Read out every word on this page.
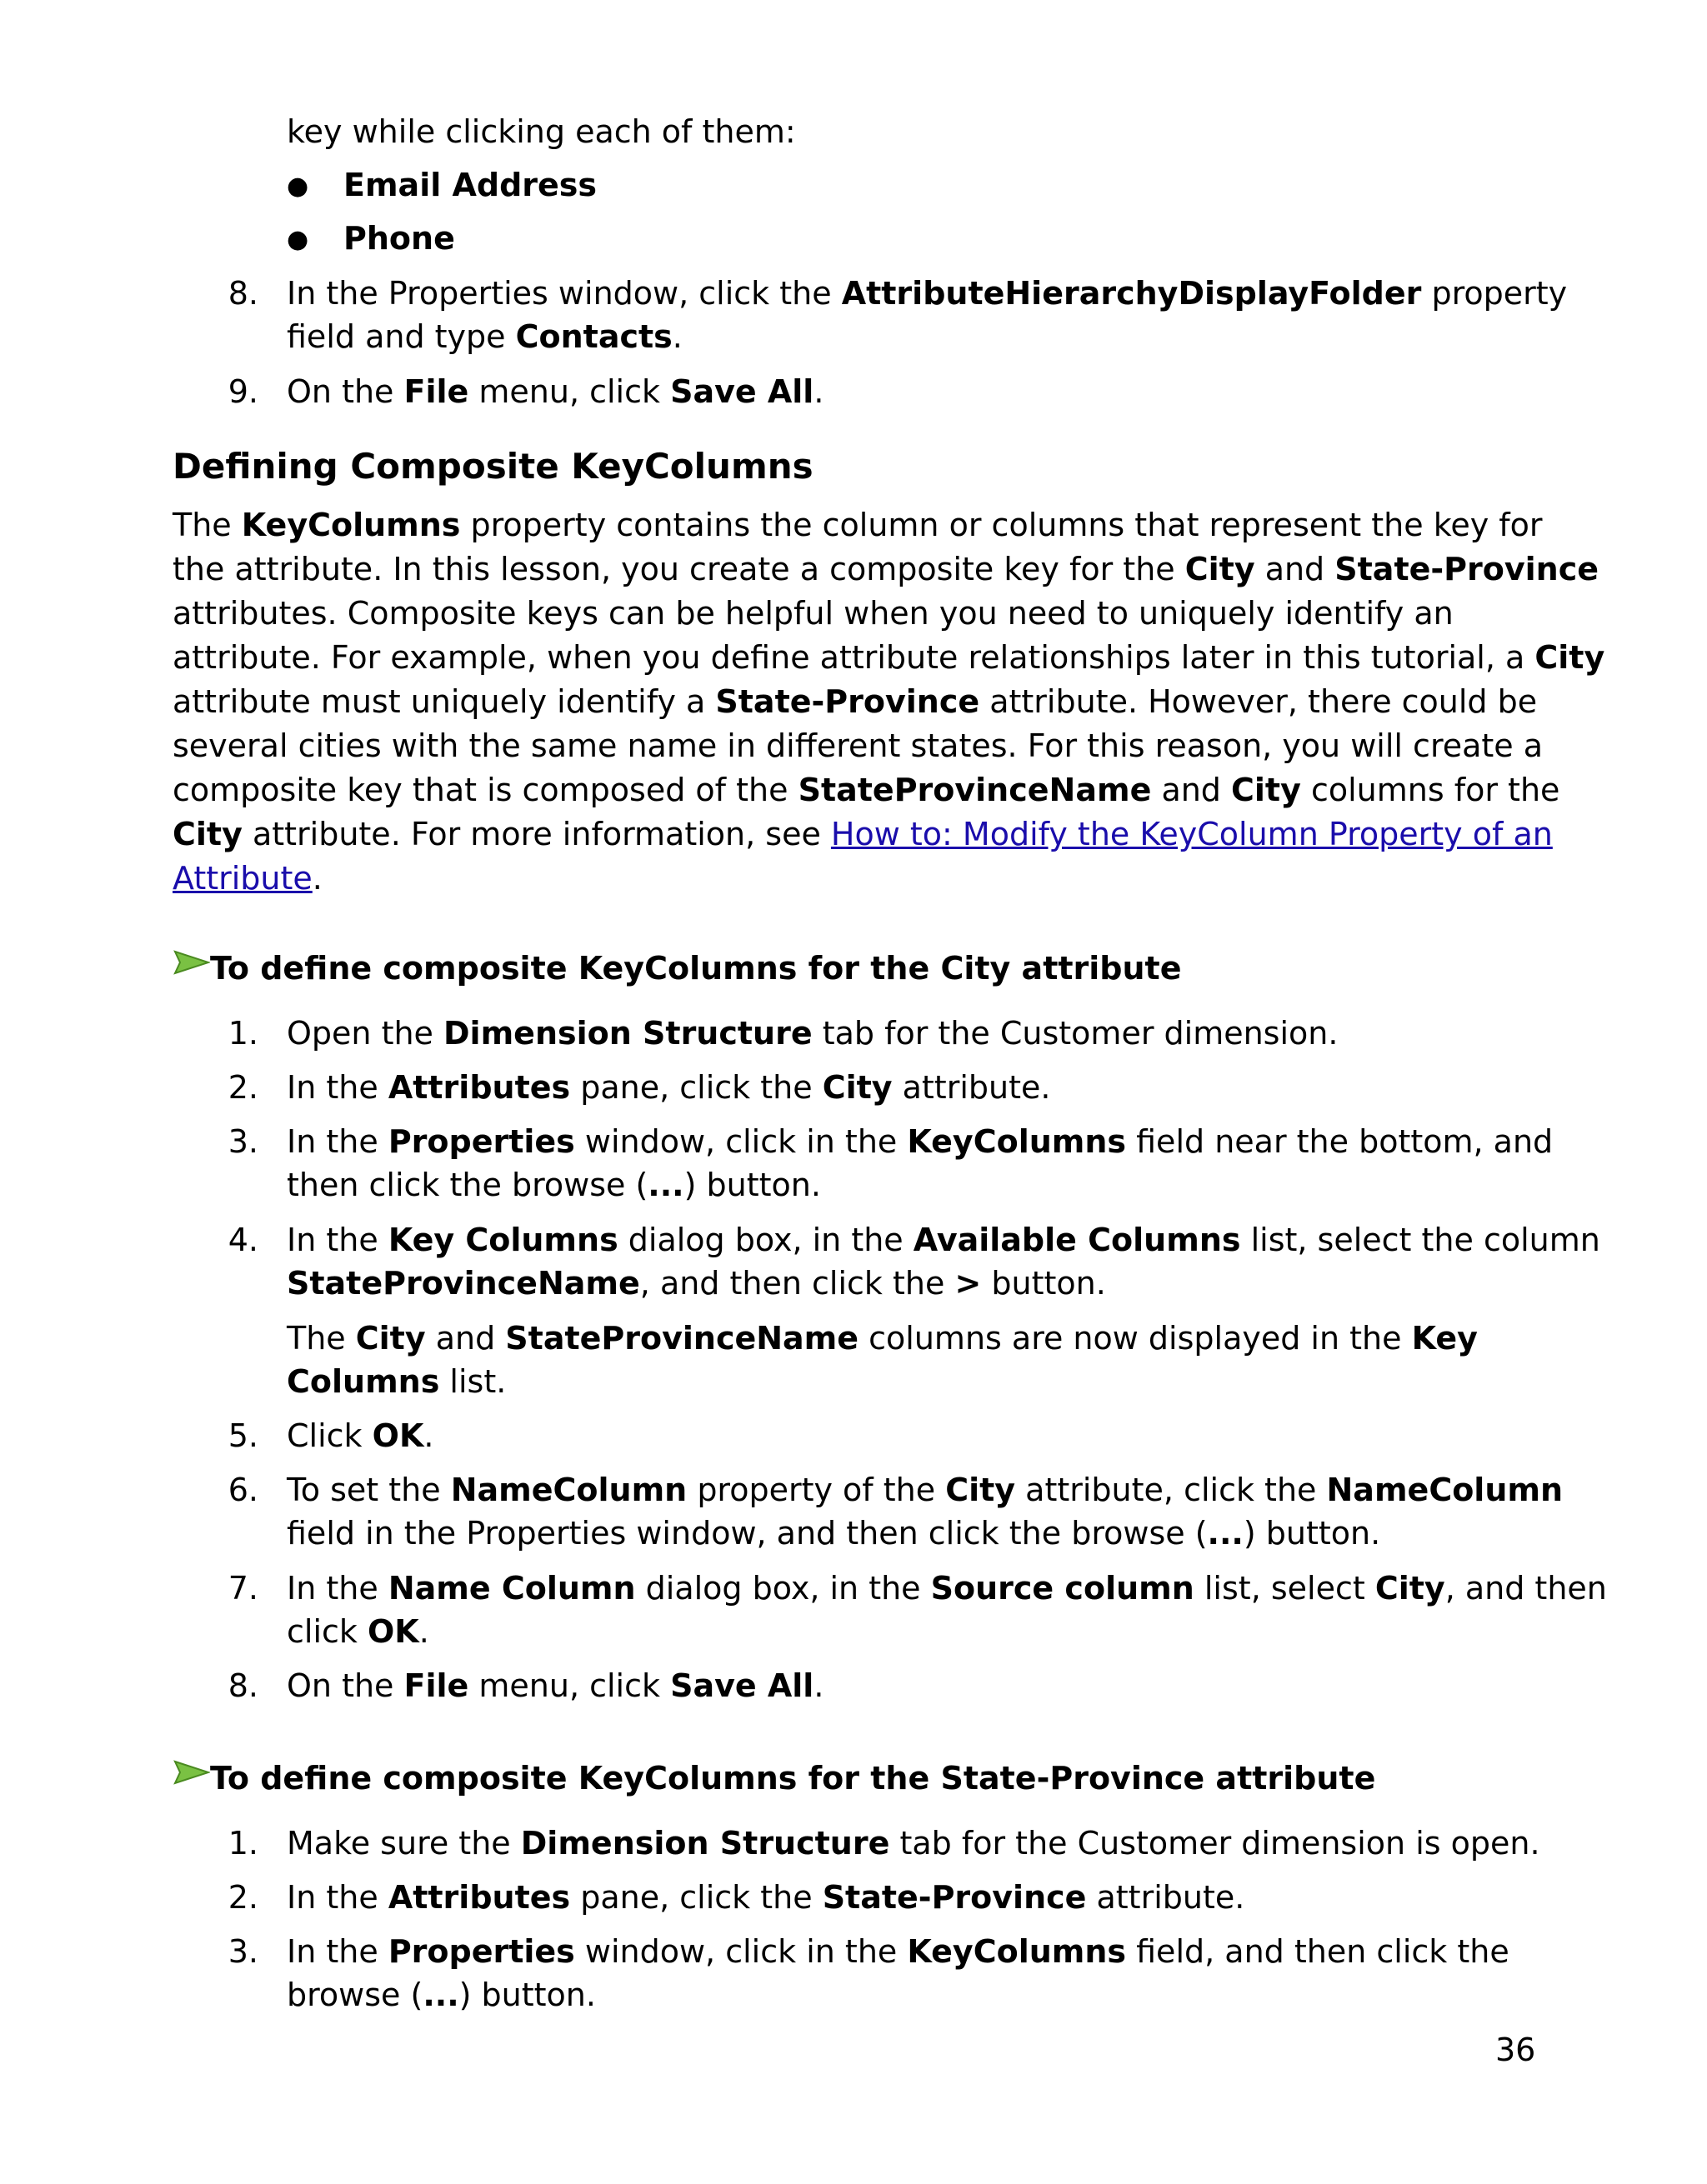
key while clicking each of them:

● Email Address

● Phone

8. In the Properties window, click the AttributeHierarchyDisplayFolder property

field and type Contacts.

9. On the File menu, click Save All.

Defining Composite KeyColumns

The KeyColumns property contains the column or columns that represent the key for

the attribute. In this lesson, you create a composite key for the City and State-Province

attributes. Composite keys can be helpful when you need to uniquely identify an

attribute. For example, when you define attribute relationships later in this tutorial, a City

attribute must uniquely identify a State-Province attribute. However, there could be

several cities with the same name in different states. For this reason, you will create a

composite key that is composed of the StateProvinceName and City columns for the

City attribute. For more information, see How to: Modify the KeyColumn Property of an

Attribute.

To define composite KeyColumns for the City attribute
1. Open the Dimension Structure tab for the Customer dimension.

2. In the Attributes pane, click the City attribute.

3. In the Properties window, click in the KeyColumns field near the bottom, and

then click the browse (...) button.

4. In the Key Columns dialog box, in the Available Columns list, select the column

StateProvinceName, and then click the > button.

The City and StateProvinceName columns are now displayed in the Key

Columns list.

5. Click OK.

6. To set the NameColumn property of the City attribute, click the NameColumn

field in the Properties window, and then click the browse (...) button.

7. In the Name Column dialog box, in the Source column list, select City, and then

click OK.

8. On the File menu, click Save All.

To define composite KeyColumns for the State-Province attribute
1. Make sure the Dimension Structure tab for the Customer dimension is open.

2. In the Attributes pane, click the State-Province attribute.

3. In the Properties window, click in the KeyColumns field, and then click the

browse (...) button.

36
